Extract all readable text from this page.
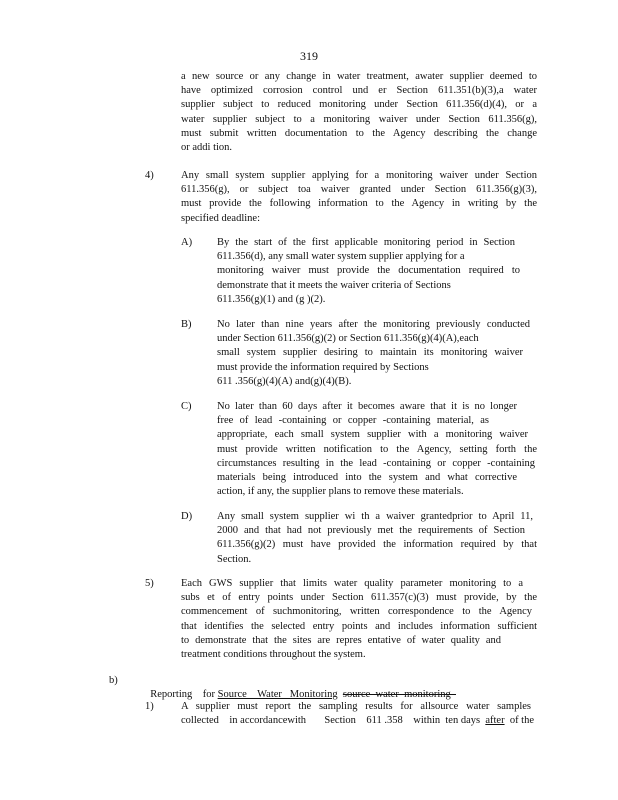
319
a new source or any change in water treatment, awater supplier deemed to
have optimized corrosion control und er Section 611.351(b)(3),a water
supplier subject to reduced monitoring under Section 611.356(d)(4), or a
water supplier subject to a monitoring waiver under Section 611.356(g),
must submit written documentation to the Agency describing the change
or addi tion.
4)	Any small system supplier applying for a monitoring waiver under Section
611.356(g), or subject toa waiver granted under Section 611.356(g)(3),
must provide the following information to the Agency in writing by the
specified deadline:
A) By the start of the first applicable monitoring period in Section
611.356(d), any small water system supplier applying for a
monitoring waiver must provide the documentation required to
demonstrate that it meets the waiver criteria of Sections
611.356(g)(1) and (g )(2).
B) No later than nine years after the monitoring previously conducted
under Section 611.356(g)(2) or Section 611.356(g)(4)(A),each
small system supplier desiring to maintain its monitoring waiver
must provide the information required by Sections
611 .356(g)(4)(A) and(g)(4)(B).
C) No later than 60 days after it becomes aware that it is no longer
free of lead -containing or copper -containing material, as
appropriate, each small system supplier with a monitoring waiver
must provide written notification to the Agency, setting forth the
circumstances resulting in the lead -containing or copper -containing
materials being introduced into the system and what corrective
action, if any, the supplier plans to remove these materials.
D) Any small system supplier wi th a waiver grantedprior to April 11,
2000 and that had not previously met the requirements of Section
611.356(g)(2) must have provided the information required by that
Section.
5)	Each GWS supplier that limits water quality parameter monitoring to a
subs et of entry points under Section 611.357(c)(3) must provide, by the
commencement of suchmonitoring, written correspondence to the Agency
that identifies the selected entry points and includes information sufficient
to demonstrate that the sites are repres entative of water quality and
treatment conditions throughout the system.
b)

Reporting    for Source    Water   Monitoring source  water  monitoring

1)	A supplier must report the sampling results for allsource water samples
collected    in accordancewith       Section    611 .358    within  ten days  after  of the
